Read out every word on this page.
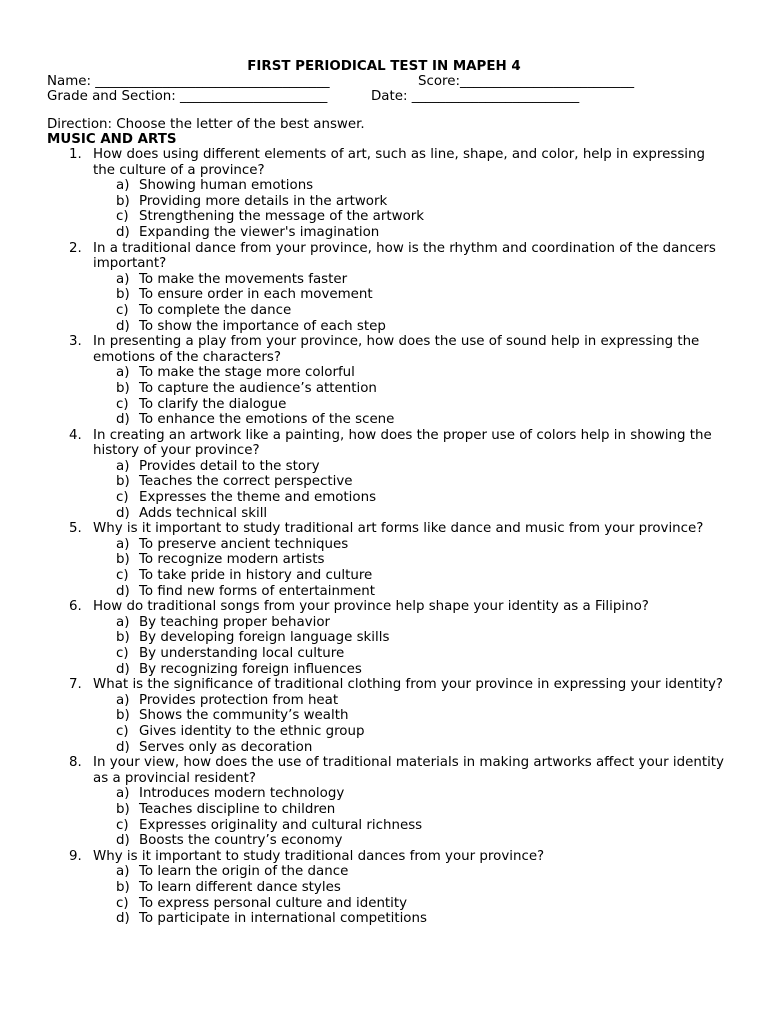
FIRST PERIODICAL TEST IN MAPEH 4
Name: ___________________________________	Score:__________________________
Grade and Section: ______________________	Date: _________________________
Direction: Choose the letter of the best answer.
MUSIC AND ARTS
1. How does using different elements of art, such as line, shape, and color, help in expressing the culture of a province?
a) Showing human emotions
b) Providing more details in the artwork
c) Strengthening the message of the artwork
d) Expanding the viewer's imagination
2. In a traditional dance from your province, how is the rhythm and coordination of the dancers important?
a) To make the movements faster
b) To ensure order in each movement
c) To complete the dance
d) To show the importance of each step
3. In presenting a play from your province, how does the use of sound help in expressing the emotions of the characters?
a) To make the stage more colorful
b) To capture the audience’s attention
c) To clarify the dialogue
d) To enhance the emotions of the scene
4. In creating an artwork like a painting, how does the proper use of colors help in showing the history of your province?
a) Provides detail to the story
b) Teaches the correct perspective
c) Expresses the theme and emotions
d) Adds technical skill
5. Why is it important to study traditional art forms like dance and music from your province?
a) To preserve ancient techniques
b) To recognize modern artists
c) To take pride in history and culture
d) To find new forms of entertainment
6. How do traditional songs from your province help shape your identity as a Filipino?
a) By teaching proper behavior
b) By developing foreign language skills
c) By understanding local culture
d) By recognizing foreign influences
7. What is the significance of traditional clothing from your province in expressing your identity?
a) Provides protection from heat
b) Shows the community’s wealth
c) Gives identity to the ethnic group
d) Serves only as decoration
8. In your view, how does the use of traditional materials in making artworks affect your identity as a provincial resident?
a) Introduces modern technology
b) Teaches discipline to children
c) Expresses originality and cultural richness
d) Boosts the country’s economy
9. Why is it important to study traditional dances from your province?
a) To learn the origin of the dance
b) To learn different dance styles
c) To express personal culture and identity
d) To participate in international competitions
